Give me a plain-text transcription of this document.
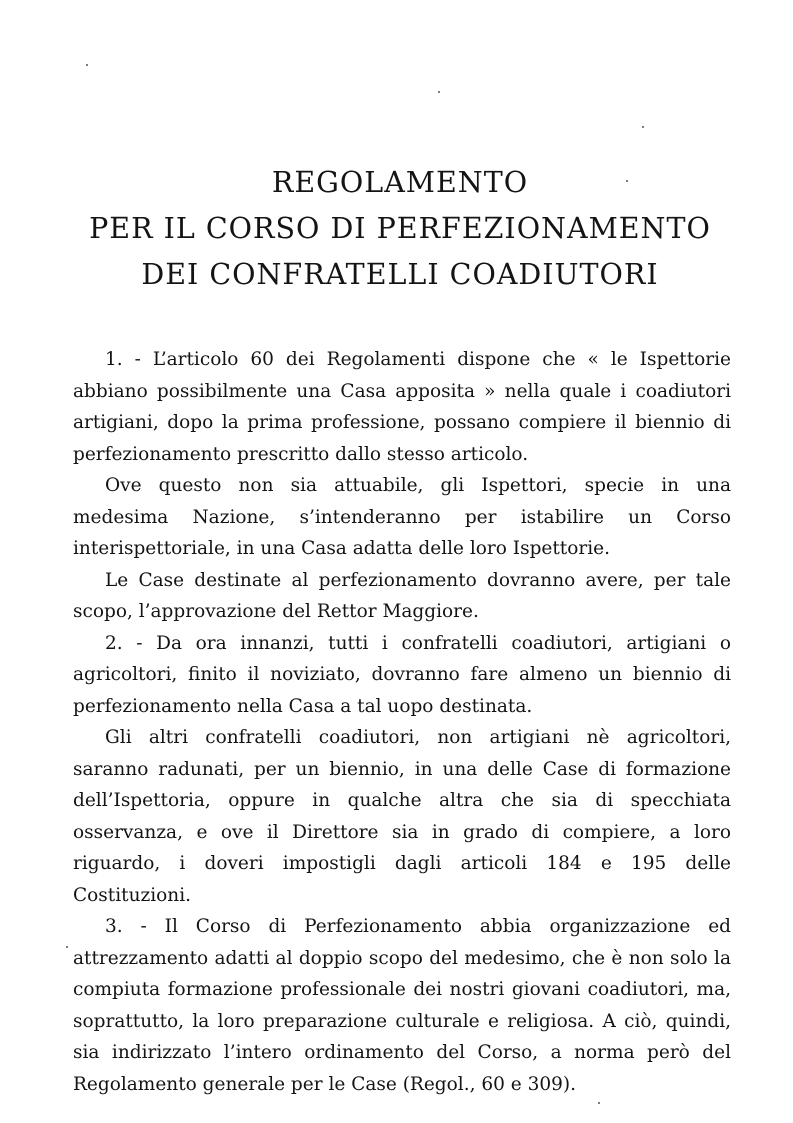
REGOLAMENTO
PER IL CORSO DI PERFEZIONAMENTO
DEI CONFRATELLI COADIUTORI

1. - L’articolo 60 dei Regolamenti dispone che « le Ispettorie abbiano possibilmente una Casa apposita » nella quale i coadiutori artigiani, dopo la prima professione, possano compiere il biennio di perfezionamento prescritto dallo stesso articolo.

Ove questo non sia attuabile, gli Ispettori, specie in una medesima Nazione, s’intenderanno per istabilire un Corso interispettoriale, in una Casa adatta delle loro Ispettorie.

Le Case destinate al perfezionamento dovranno avere, per tale scopo, l’approvazione del Rettor Maggiore.

2. - Da ora innanzi, tutti i confratelli coadiutori, artigiani o agricoltori, finito il noviziato, dovranno fare almeno un biennio di perfezionamento nella Casa a tal uopo destinata.

Gli altri confratelli coadiutori, non artigiani nè agricoltori, saranno radunati, per un biennio, in una delle Case di formazione dell’Ispettoria, oppure in qualche altra che sia di specchiata osservanza, e ove il Direttore sia in grado di compiere, a loro riguardo, i doveri impostigli dagli articoli 184 e 195 delle Costituzioni.

3. - Il Corso di Perfezionamento abbia organizzazione ed attrezzamento adatti al doppio scopo del medesimo, che è non solo la compiuta formazione professionale dei nostri giovani coadiutori, ma, soprattutto, la loro preparazione culturale e religiosa. A ciò, quindi, sia indirizzato l’intero ordinamento del Corso, a norma però del Regolamento generale per le Case (Regol., 60 e 309).
